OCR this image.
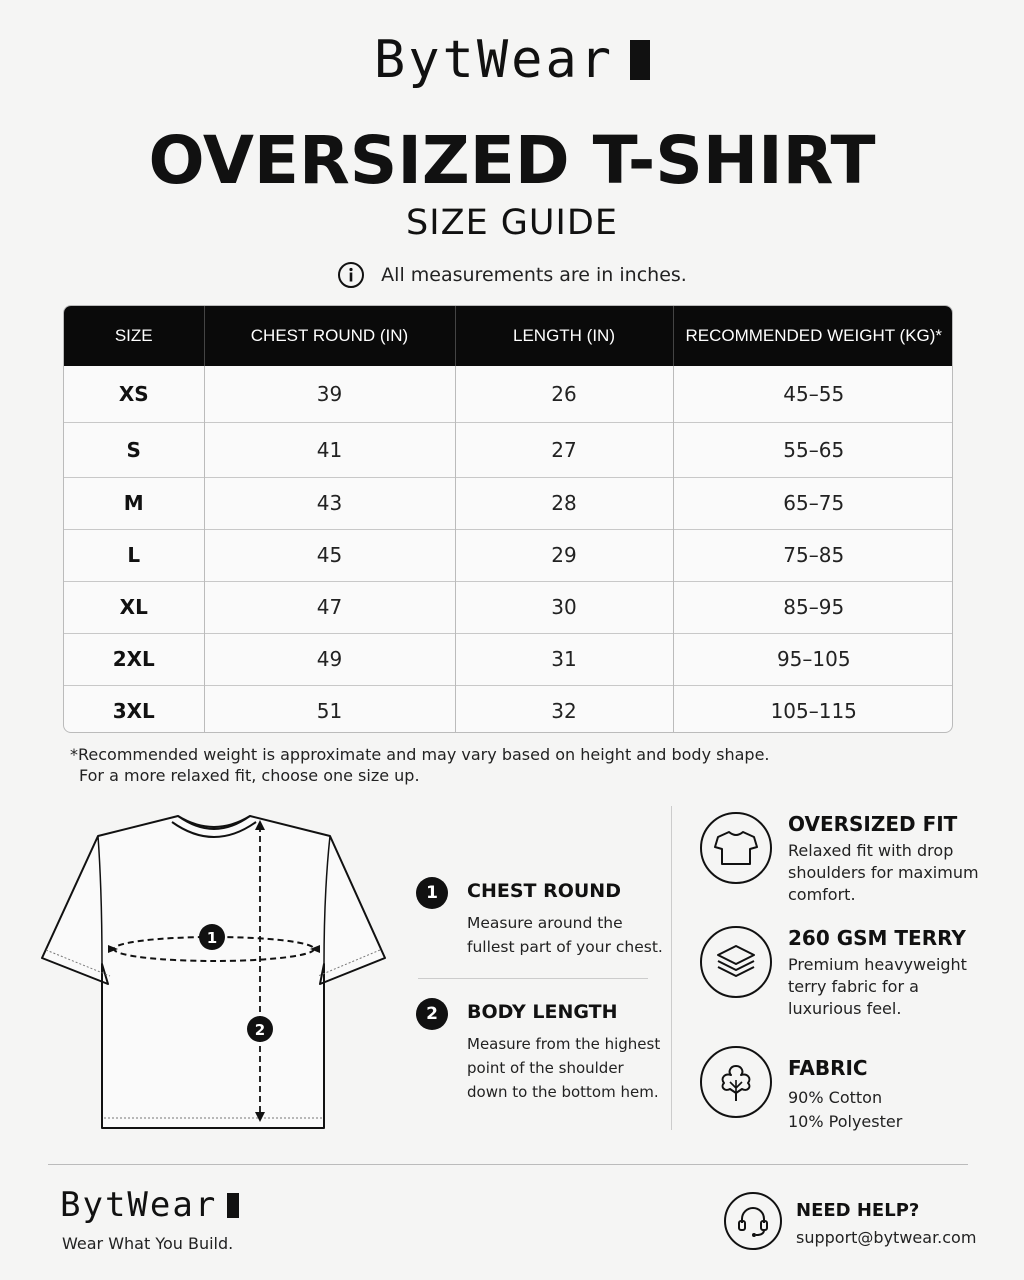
BytWear
OVERSIZED T-SHIRT
SIZE GUIDE
All measurements are in inches.
SIZE	CHEST ROUND (IN)	LENGTH (IN)	RECOMMENDED WEIGHT (KG)*
XS	39	26	45–55
S	41	27	55–65
M	43	28	65–75
L	45	29	75–85
XL	47	30	85–95
2XL	49	31	95–105
3XL	51	32	105–115
*Recommended weight is approximate and may vary based on height and body shape.
For a more relaxed fit, choose one size up.
1
2
1	CHEST ROUND
Measure around the fullest part of your chest.
2	BODY LENGTH
Measure from the highest point of the shoulder down to the bottom hem.
OVERSIZED FIT
Relaxed fit with drop shoulders for maximum comfort.
260 GSM TERRY
Premium heavyweight terry fabric for a luxurious feel.
FABRIC
90% Cotton
10% Polyester
BytWear
Wear What You Build.
NEED HELP?
support@bytwear.com
